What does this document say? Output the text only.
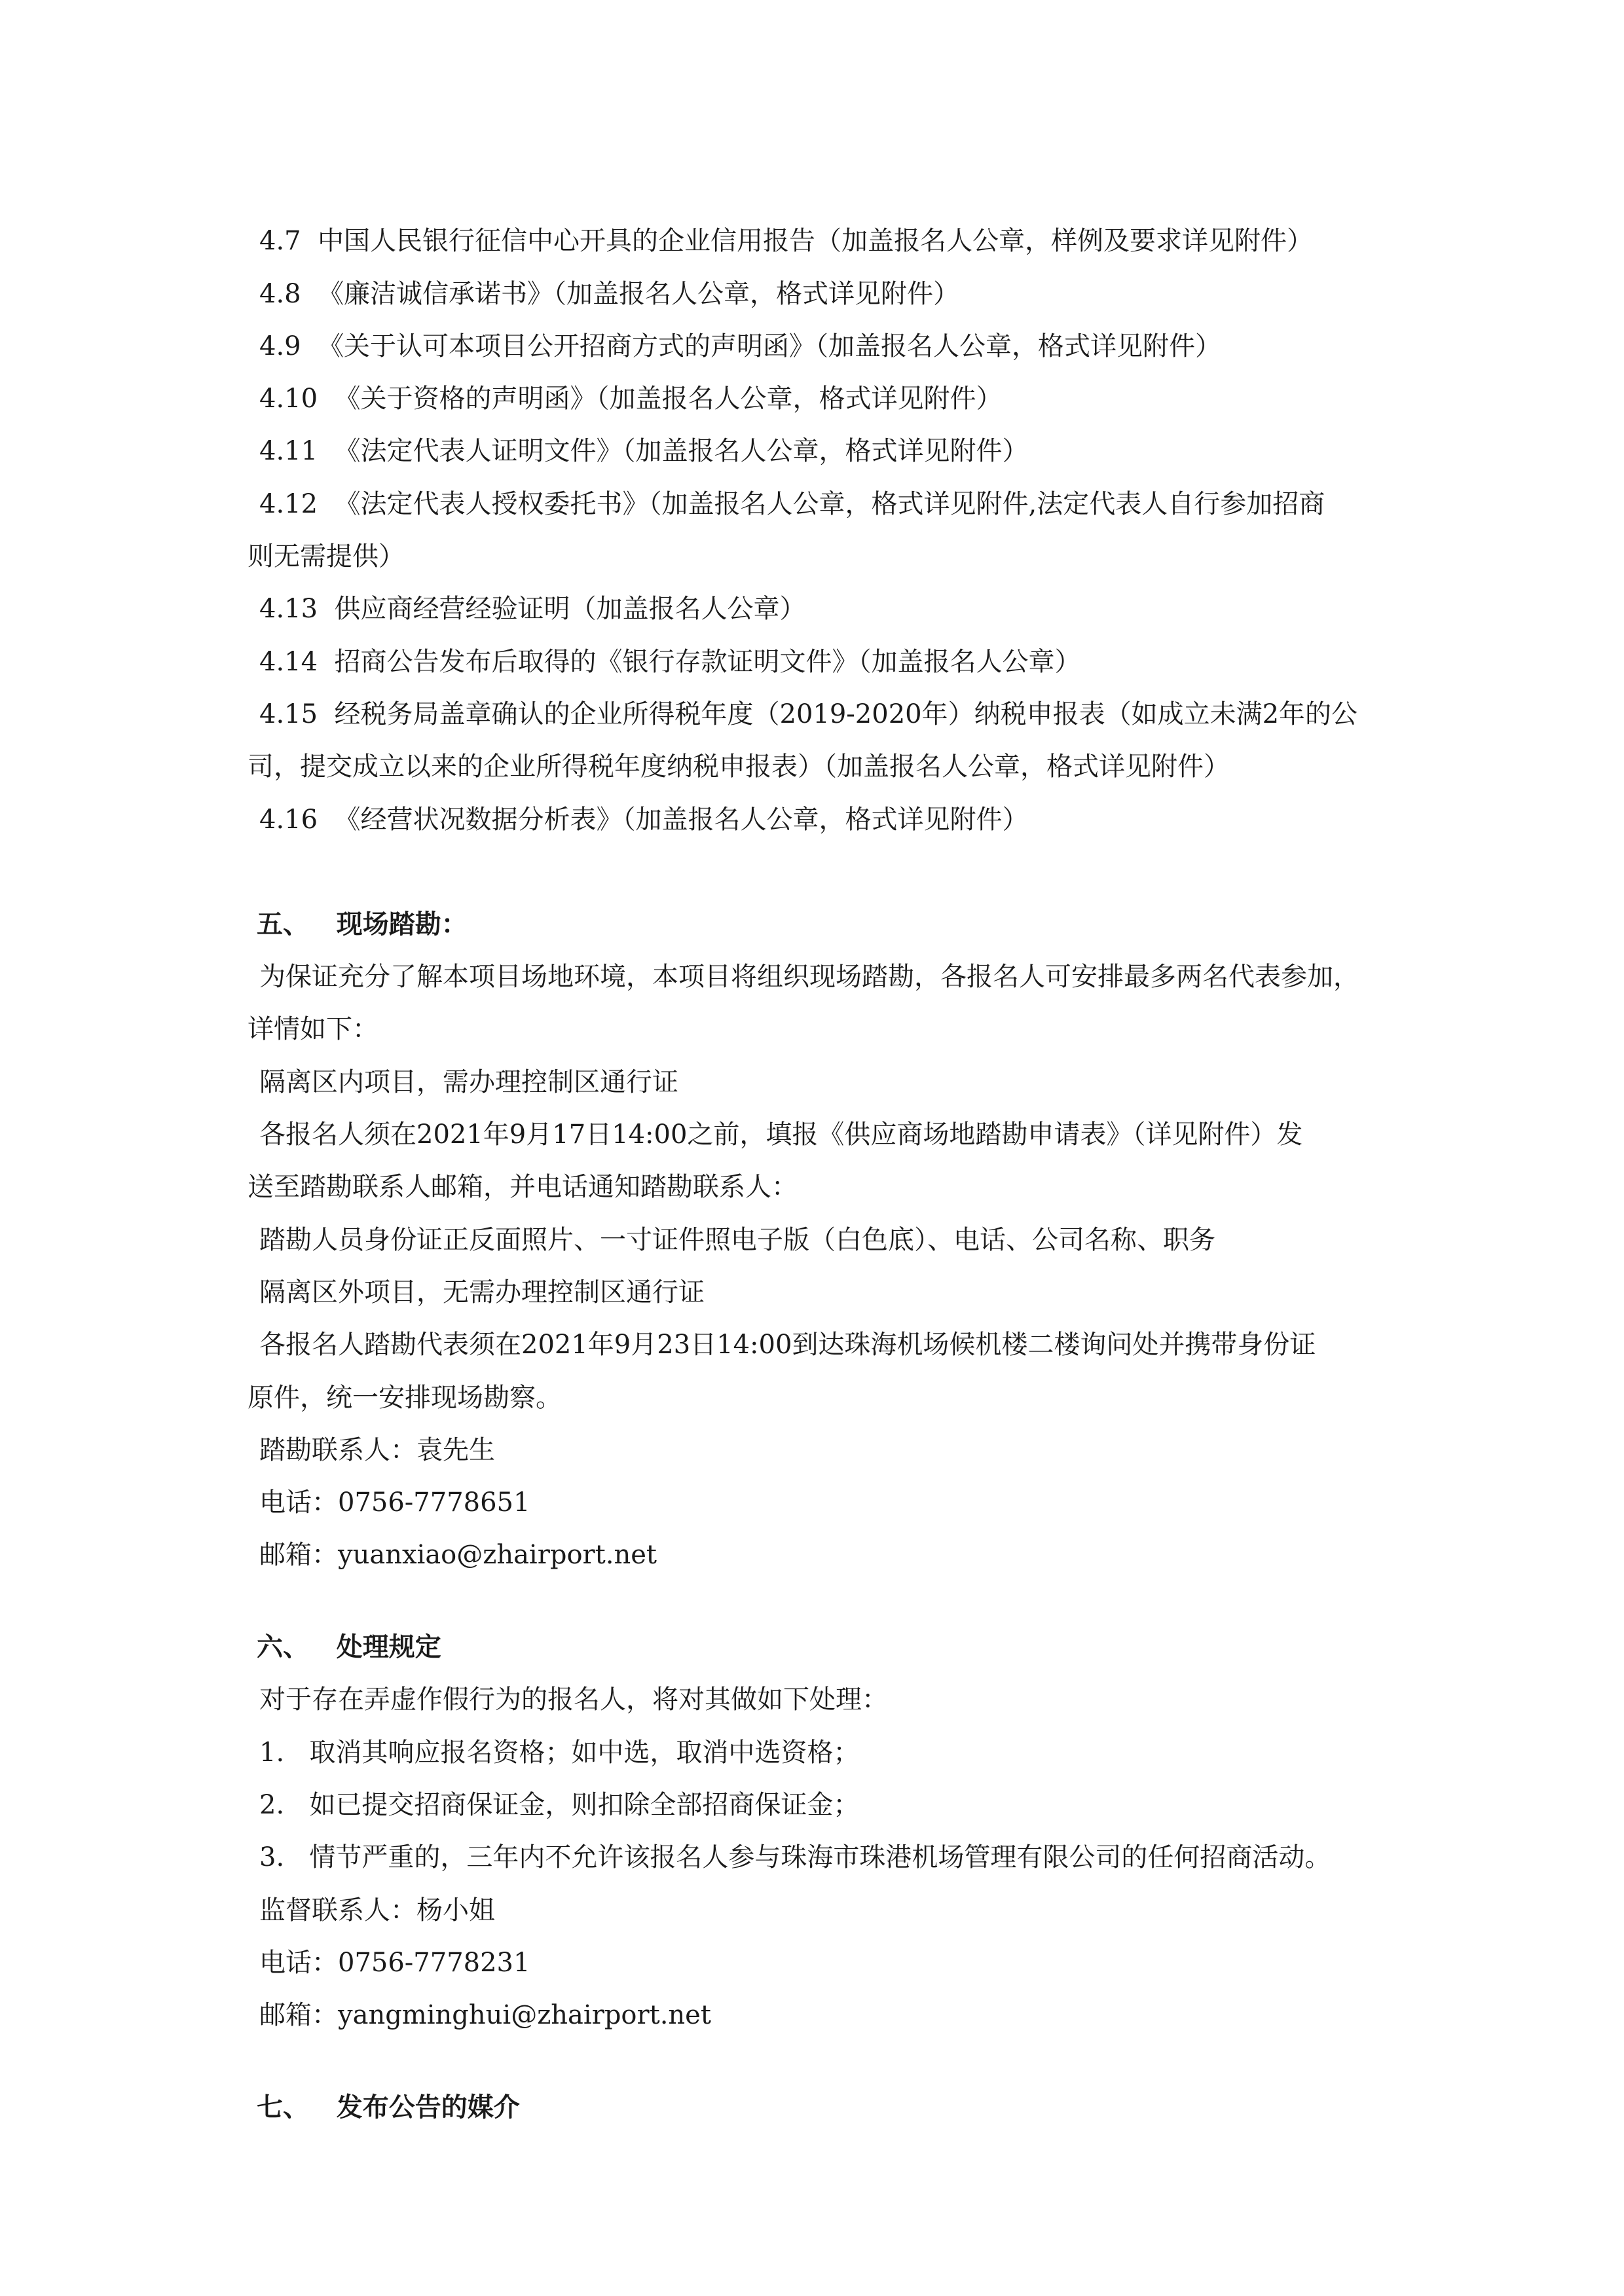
4.7 中国人民银行征信中心开具的企业信用报告（加盖报名人公章，样例及要求详见附件）
4.8 《廉洁诚信承诺书》（加盖报名人公章，格式详见附件）
4.9 《关于认可本项目公开招商方式的声明函》（加盖报名人公章，格式详见附件）
4.10 《关于资格的声明函》（加盖报名人公章，格式详见附件）
4.11 《法定代表人证明文件》（加盖报名人公章，格式详见附件）
4.12 《法定代表人授权委托书》（加盖报名人公章，格式详见附件,法定代表人自行参加招商
则无需提供）
4.13 供应商经营经验证明（加盖报名人公章）
4.14 招商公告发布后取得的《银行存款证明文件》（加盖报名人公章）
4.15 经税务局盖章确认的企业所得税年度（2019-2020年）纳税申报表（如成立未满2年的公
司，提交成立以来的企业所得税年度纳税申报表）（加盖报名人公章，格式详见附件）
4.16 《经营状况数据分析表》（加盖报名人公章，格式详见附件）
五、 现场踏勘：
为保证充分了解本项目场地环境，本项目将组织现场踏勘，各报名人可安排最多两名代表参加，
详情如下：
隔离区内项目，需办理控制区通行证
各报名人须在2021年9月17日14:00之前，填报《供应商场地踏勘申请表》（详见附件）发
送至踏勘联系人邮箱，并电话通知踏勘联系人：
踏勘人员身份证正反面照片、一寸证件照电子版（白色底）、电话、公司名称、职务
隔离区外项目，无需办理控制区通行证
各报名人踏勘代表须在2021年9月23日14:00到达珠海机场候机楼二楼询问处并携带身份证
原件，统一安排现场勘察。
踏勘联系人：袁先生
电话：0756-7778651
邮箱：yuanxiao@zhairport.net
六、 处理规定
对于存在弄虚作假行为的报名人，将对其做如下处理：
1. 取消其响应报名资格；如中选，取消中选资格；
2. 如已提交招商保证金，则扣除全部招商保证金；
3. 情节严重的，三年内不允许该报名人参与珠海市珠港机场管理有限公司的任何招商活动。
监督联系人：杨小姐
电话：0756-7778231
邮箱：yangminghui@zhairport.net
七、 发布公告的媒介
